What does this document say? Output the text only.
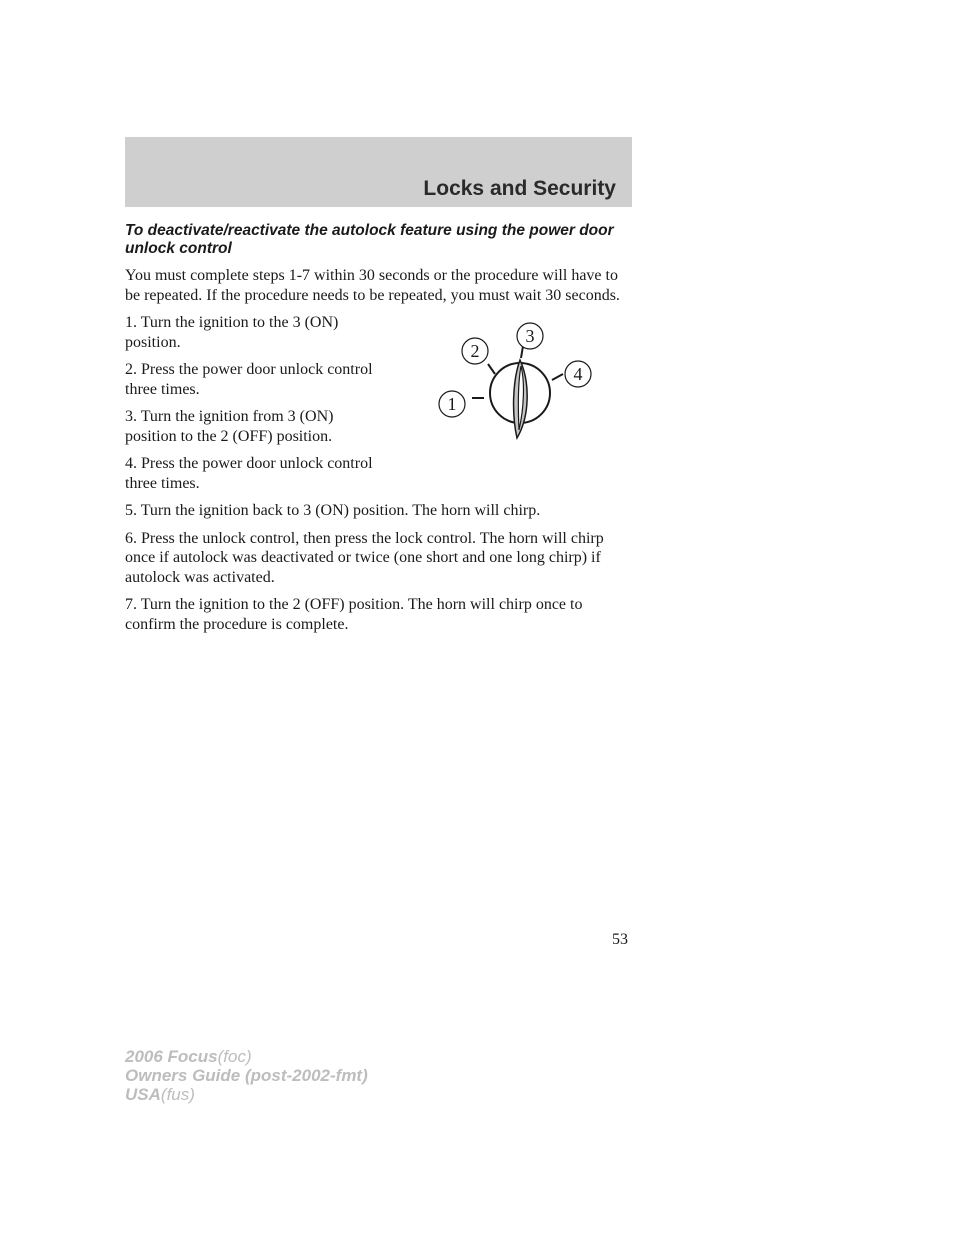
Locks and Security

To deactivate/reactivate the autolock feature using the power door unlock control

You must complete steps 1-7 within 30 seconds or the procedure will have to be repeated. If the procedure needs to be repeated, you must wait 30 seconds.

1. Turn the ignition to the 3 (ON) position.

2. Press the power door unlock control three times.

3. Turn the ignition from 3 (ON) position to the 2 (OFF) position.

4. Press the power door unlock control three times.

5. Turn the ignition back to 3 (ON) position. The horn will chirp.

6. Press the unlock control, then press the lock control. The horn will chirp once if autolock was deactivated or twice (one short and one long chirp) if autolock was activated.

7. Turn the ignition to the 2 (OFF) position. The horn will chirp once to confirm the procedure is complete.

1
2
3
4
53
2006 Focus(foc)
Owners Guide (post-2002-fmt)
USA(fus)
